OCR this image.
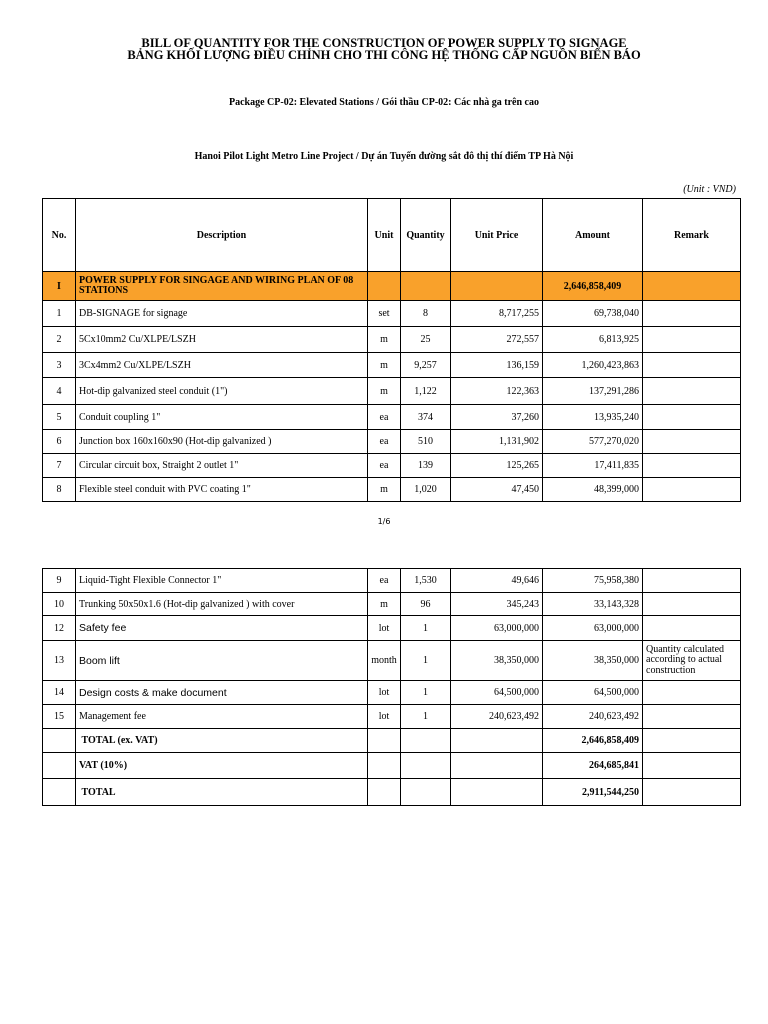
BILL OF QUANTITY FOR THE CONSTRUCTION OF POWER SUPPLY TO SIGNAGE
BẢNG KHỐI LƯỢNG ĐIỀU CHỈNH CHO THI CÔNG HỆ THỐNG CẤP NGUỒN BIỂN BÁO
Package CP-02: Elevated Stations / Gói thầu CP-02: Các nhà ga trên cao
Hanoi Pilot Light Metro Line Project / Dự án Tuyến đường sắt đô thị thí điểm TP Hà Nội
(Unit : VND)
No.	Description	Unit	Quantity	Unit Price	Amount	Remark
I	POWER SUPPLY FOR SINGAGE AND WIRING PLAN OF 08 STATIONS				2,646,858,409	
1	DB-SIGNAGE for signage	set	8	8,717,255	69,738,040	
2	5Cx10mm2 Cu/XLPE/LSZH	m	25	272,557	6,813,925	
3	3Cx4mm2 Cu/XLPE/LSZH	m	9,257	136,159	1,260,423,863	
4	Hot-dip galvanized steel conduit (1")	m	1,122	122,363	137,291,286	
5	Conduit coupling 1"	ea	374	37,260	13,935,240	
6	Junction box 160x160x90 (Hot-dip galvanized )	ea	510	1,131,902	577,270,020	
7	Circular circuit box, Straight 2 outlet 1"	ea	139	125,265	17,411,835	
8	Flexible steel conduit with PVC coating 1"	m	1,020	47,450	48,399,000	
1/6
9	Liquid-Tight Flexible Connector 1"	ea	1,530	49,646	75,958,380	
10	Trunking 50x50x1.6 (Hot-dip galvanized ) with cover	m	96	345,243	33,143,328	
12	Safety fee	lot	1	63,000,000	63,000,000	
13	Boom lift	month	1	38,350,000	38,350,000	Quantity calculated according to actual construction
14	Design costs & make document	lot	1	64,500,000	64,500,000	
15	Management fee	lot	1	240,623,492	240,623,492	
	TOTAL (ex. VAT)				2,646,858,409	
	VAT (10%)				264,685,841	
	TOTAL				2,911,544,250	
